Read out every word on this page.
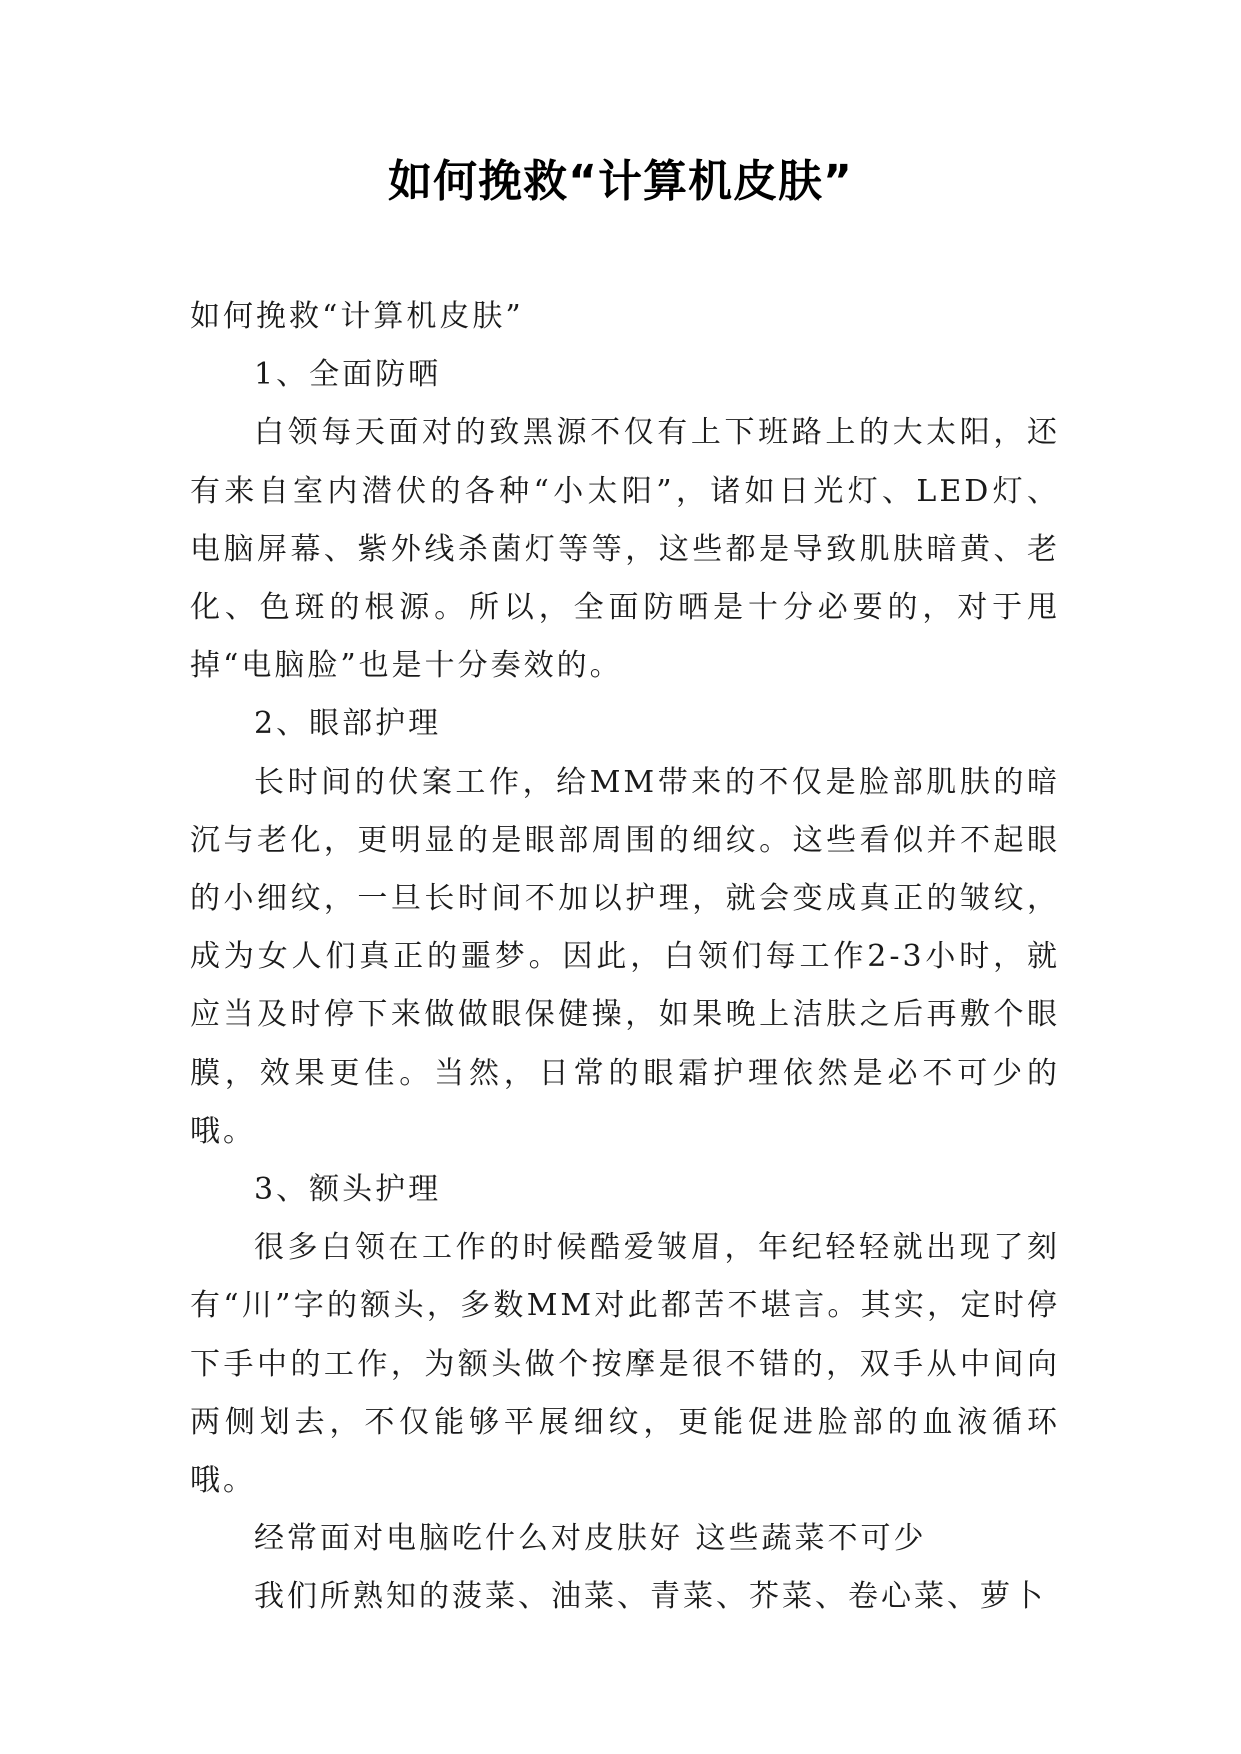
如何挽救“计算机皮肤”

如何挽救“计算机皮肤”

1、全面防晒

白领每天面对的致黑源不仅有上下班路上的大太阳，还有来自室内潜伏的各种“小太阳”，诸如日光灯、LED灯、电脑屏幕、紫外线杀菌灯等等，这些都是导致肌肤暗黄、老化、色斑的根源。所以，全面防晒是十分必要的，对于甩掉“电脑脸”也是十分奏效的。

2、眼部护理

长时间的伏案工作，给MM带来的不仅是脸部肌肤的暗沉与老化，更明显的是眼部周围的细纹。这些看似并不起眼的小细纹，一旦长时间不加以护理，就会变成真正的皱纹，成为女人们真正的噩梦。因此，白领们每工作2-3小时，就应当及时停下来做做眼保健操，如果晚上洁肤之后再敷个眼膜，效果更佳。当然，日常的眼霜护理依然是必不可少的哦。

3、额头护理

很多白领在工作的时候酷爱皱眉，年纪轻轻就出现了刻有“川”字的额头，多数MM对此都苦不堪言。其实，定时停下手中的工作，为额头做个按摩是很不错的，双手从中间向两侧划去，不仅能够平展细纹，更能促进脸部的血液循环哦。

经常面对电脑吃什么对皮肤好 这些蔬菜不可少

我们所熟知的菠菜、油菜、青菜、芥菜、卷心菜、萝卜
